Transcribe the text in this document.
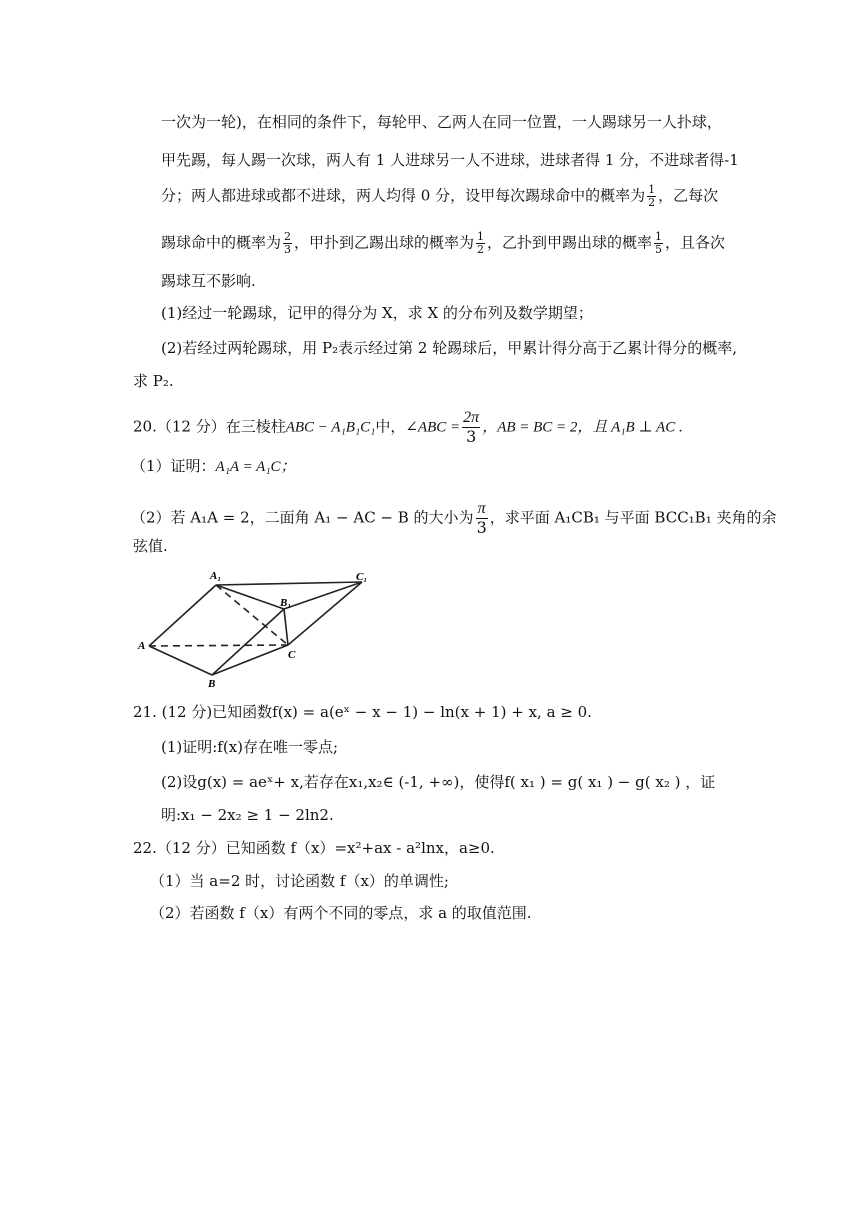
一次为一轮)，在相同的条件下，每轮甲、乙两人在同一位置，一人踢球另一人扑球，
甲先踢，每人踢一次球，两人有 1 人进球另一人不进球，进球者得 1 分，不进球者得-1
分；两人都进球或都不进球，两人均得 0 分，设甲每次踢球命中的概率为 $\frac{1}{2}$ ，乙每次
踢球命中的概率为 $\frac{2}{3}$ ，甲扑到乙踢出球的概率为 $\frac{1}{2}$ ，乙扑到甲踢出球的概率 $\frac{1}{5}$ ，且各次
踢球互不影响.
(1)经过一轮踢球，记甲的得分为 X，求 X 的分布列及数学期望；
(2)若经过两轮踢球，用 P₂表示经过第 2 轮踢球后，甲累计得分高于乙累计得分的概率,
求 P₂.
20.（12 分）在三棱柱ABC − A₁B₁C₁中，∠ABC = $\frac{2\pi}{3}$ ，AB = BC = 2，且 A₁B ⊥ AC .
（1）证明：A₁A = A₁C；
（2）若 A₁A = 2，二面角 A₁ − AC − B 的大小为 $\frac{\pi}{3}$ ，求平面 A₁CB₁ 与平面 BCC₁B₁ 夹角的余
弦值.
A₁
B₁
C₁
A
B
C
21. (12 分)已知函数f(x) = a(eˣ − x − 1) − ln(x + 1) + x, a ≥ 0.
(1)证明:f(x)存在唯一零点;
(2)设g(x) = aeˣ+ x,若存在x₁,x₂∈ (-1, +∞)，使得f( x₁ ) = g( x₁ ) − g( x₂ ) ，证
明:x₁ − 2x₂ ≥ 1 − 2ln2.
22.（12 分）已知函数 f（x）=x²+ax - a²lnx，a≥0.
（1）当 a=2 时，讨论函数 f（x）的单调性;
（2）若函数 f（x）有两个不同的零点，求 a 的取值范围.
